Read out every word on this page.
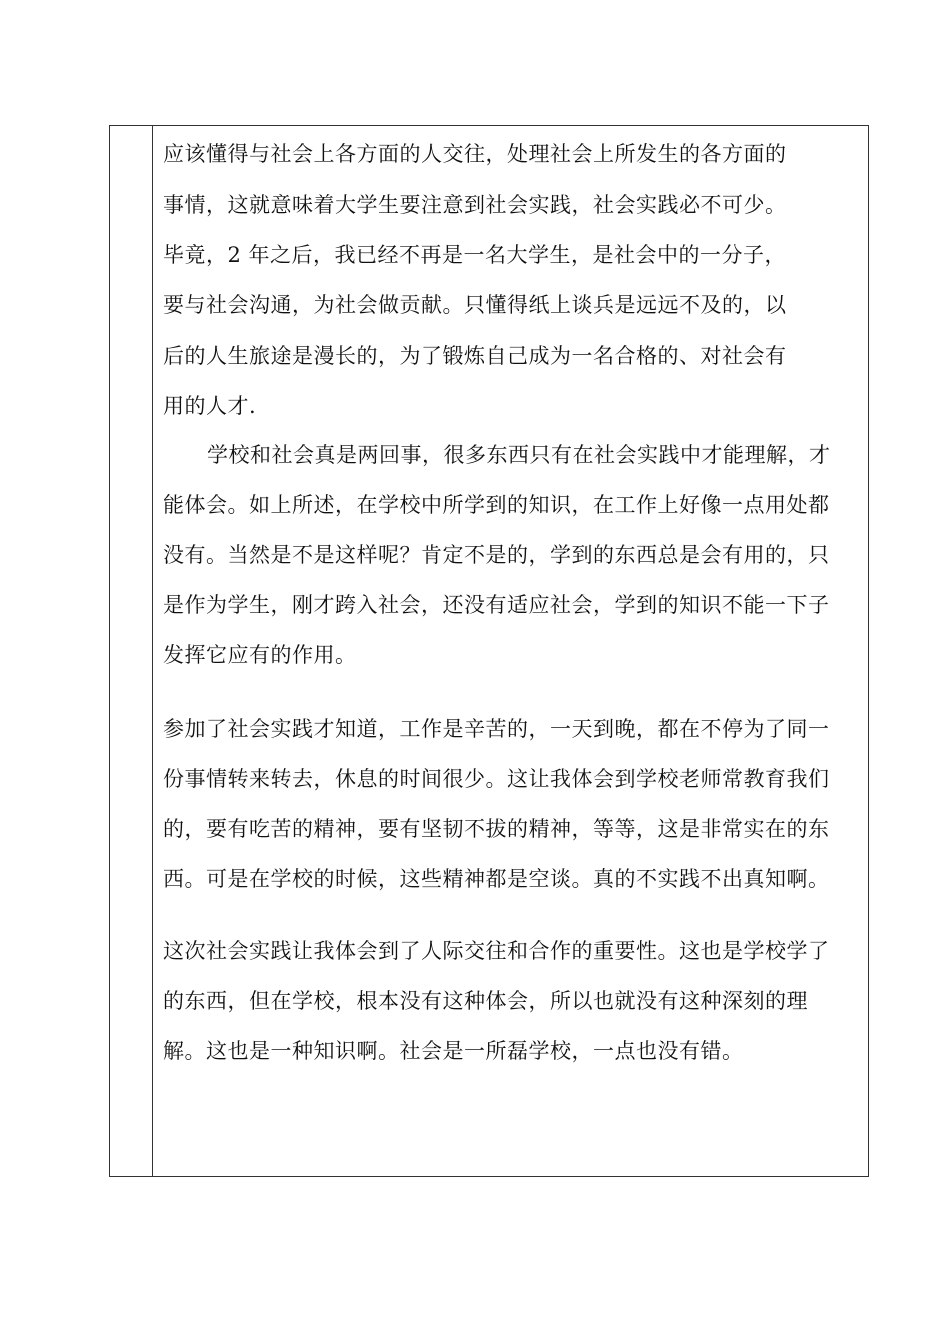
应该懂得与社会上各方面的人交往，处理社会上所发生的各方面的
事情，这就意味着大学生要注意到社会实践，社会实践必不可少。
毕竟，2 年之后，我已经不再是一名大学生，是社会中的一分子，
要与社会沟通，为社会做贡献。只懂得纸上谈兵是远远不及的，以
后的人生旅途是漫长的，为了锻炼自己成为一名合格的、对社会有
用的人才.
学校和社会真是两回事，很多东西只有在社会实践中才能理解，才
能体会。如上所述，在学校中所学到的知识，在工作上好像一点用处都
没有。当然是不是这样呢？肯定不是的，学到的东西总是会有用的，只
是作为学生，刚才跨入社会，还没有适应社会，学到的知识不能一下子
发挥它应有的作用。
参加了社会实践才知道，工作是辛苦的，一天到晚，都在不停为了同一
份事情转来转去，休息的时间很少。这让我体会到学校老师常教育我们
的，要有吃苦的精神，要有坚韧不拔的精神，等等，这是非常实在的东
西。可是在学校的时候，这些精神都是空谈。真的不实践不出真知啊。
这次社会实践让我体会到了人际交往和合作的重要性。这也是学校学了
的东西，但在学校，根本没有这种体会，所以也就没有这种深刻的理
解。这也是一种知识啊。社会是一所磊学校，一点也没有错。
